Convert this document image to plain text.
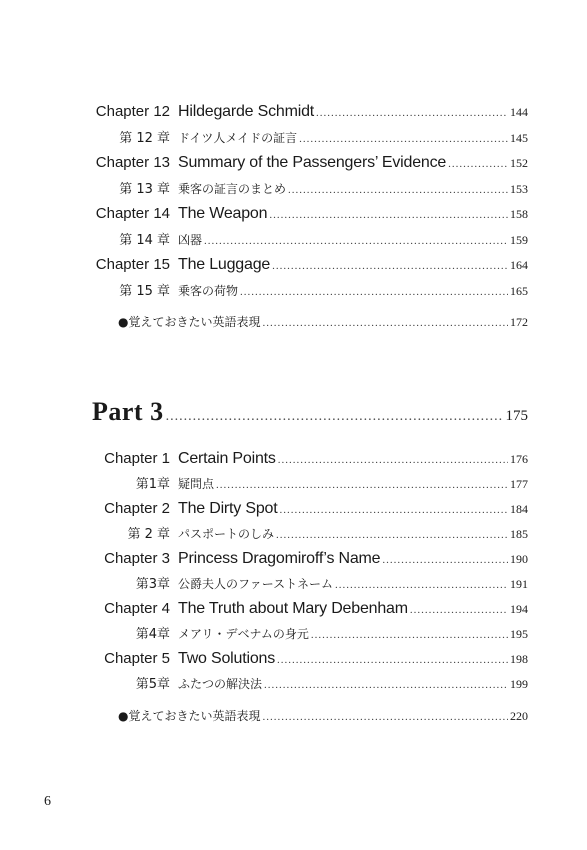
Chapter 12 Hildegarde Schmidt .....	144
第 12 章 ドイツ人メイドの証言 .....	145
Chapter 13 Summary of the Passengers’ Evidence .....	152
第 13 章 乗客の証言のまとめ .....	153
Chapter 14 The Weapon .....	158
第 14 章 凶器 .....	159
Chapter 15 The Luggage .....	164
第 15 章 乗客の荷物 .....	165
●覚えておきたい英語表現 .....	172
Part 3 .....	175
Chapter 1 Certain Points .....	176
第1章 疑問点 .....	177
Chapter 2 The Dirty Spot .....	184
第 2 章 パスポートのしみ .....	185
Chapter 3 Princess Dragomiroff’s Name .....	190
第3章 公爵夫人のファーストネーム .....	191
Chapter 4 The Truth about Mary Debenham .....	194
第4章 メアリ・デベナムの身元 .....	195
Chapter 5 Two Solutions .....	198
第5章 ふたつの解決法 .....	199
●覚えておきたい英語表現 .....	220
6
